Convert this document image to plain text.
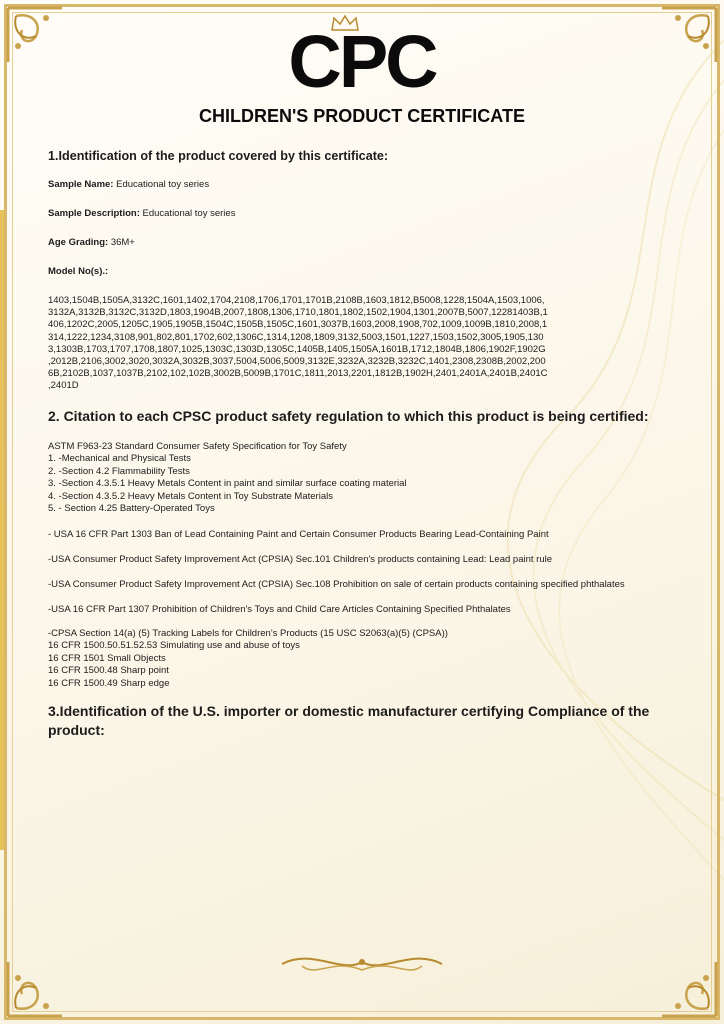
CPC
CHILDREN'S PRODUCT CERTIFICATE
1.Identification of the product covered by this certificate:
Sample Name: Educational toy series
Sample Description: Educational toy series
Age Grading: 36M+
Model No(s).:
1403,1504B,1505A,3132C,1601,1402,1704,2108,1706,1701,1701B,2108B,1603,1812,B5008,1228,1504A,1503,1006,3132A,3132B,3132C,3132D,1803,1904B,2007,1808,1306,1710,1801,1802,1502,1904,1301,2007B,5007,12281403B,1406,1202C,2005,1205C,1905,1905B,1504C,1505B,1505C,1601,3037B,1603,2008,1908,702,1009,1009B,1810,2008,1314,1222,1234,3108,901,802,801,1702,602,1306C,1314,1208,1809,3132,5003,1501,1227,1503,1502,3005,1905,1303,1303B,1703,1707,1708,1807,1025,1303C,1303D,1305C,1405B,1405,1505A,1601B,1712,1804B,1806,1902F,1902G,2012B,2106,3002,3020,3032A,3032B,3037,5004,5006,5009,3132E,3232A,3232B,3232C,1401,2308,2308B,2002,2006B,2102B,1037,1037B,2102,102,102B,3002B,5009B,1701C,1811,2013,2201,1812B,1902H,2401,2401A,2401B,2401C,2401D
2. Citation to each CPSC product safety regulation to which this product is being certified:
ASTM F963-23 Standard Consumer Safety Specification for Toy Safety
1. -Mechanical and Physical Tests
2. -Section 4.2 Flammability Tests
3. -Section 4.3.5.1 Heavy Metals Content in paint and similar surface coating material
4. -Section 4.3.5.2 Heavy Metals Content in Toy Substrate Materials
5. - Section 4.25 Battery-Operated Toys
- USA 16 CFR Part 1303 Ban of Lead Containing Paint and Certain Consumer Products Bearing Lead-Containing Paint
-USA Consumer Product Safety Improvement Act (CPSIA) Sec.101 Children's products containing Lead: Lead paint rule
-USA Consumer Product Safety Improvement Act (CPSIA) Sec.108 Prohibition on sale of certain products containing specified phthalates
-USA 16 CFR Part 1307 Prohibition of Children's Toys and Child Care Articles Containing Specified Phthalates
-CPSA Section 14(a) (5) Tracking Labels for Children's Products (15 USC S2063(a)(5) (CPSA))
16 CFR 1500.50.51.52.53 Simulating use and abuse of toys
16 CFR 1501 Small Objects
16 CFR 1500.48 Sharp point
16 CFR 1500.49 Sharp edge
3.Identification of the U.S. importer or domestic manufacturer certifying Compliance of the product:
